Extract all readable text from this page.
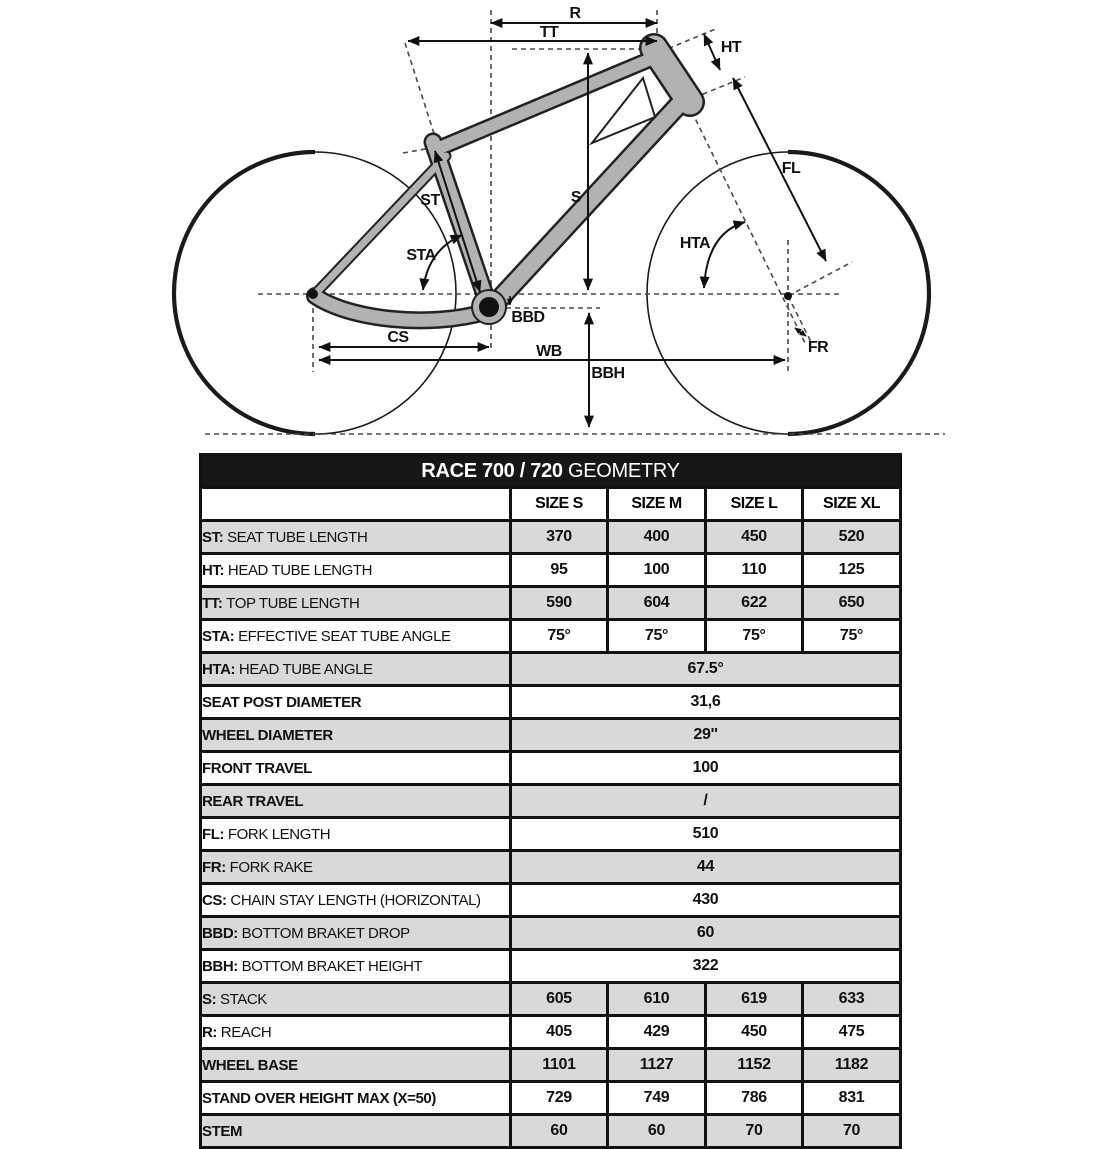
R
TT
HT
ST
STA
S
FL
HTA
BBD
CS
WB
BBH
FR
RACE 700 / 720 GEOMETRY				
	SIZE S	SIZE M	SIZE L	SIZE XL
ST: SEAT TUBE LENGTH	370	400	450	520
HT: HEAD TUBE LENGTH	95	100	110	125
TT: TOP TUBE LENGTH	590	604	622	650
STA: EFFECTIVE SEAT TUBE ANGLE	75°	75°	75°	75°
HTA: HEAD TUBE ANGLE	67.5°			
SEAT POST DIAMETER	31,6			
WHEEL DIAMETER	29''			
FRONT TRAVEL	100			
REAR TRAVEL	/			
FL: FORK LENGTH	510			
FR: FORK RAKE	44			
CS: CHAIN STAY LENGTH (HORIZONTAL)	430			
BBD: BOTTOM BRAKET DROP	60			
BBH: BOTTOM BRAKET HEIGHT	322			
S: STACK	605	610	619	633
R: REACH	405	429	450	475
WHEEL BASE	1101	1127	1152	1182
STAND OVER HEIGHT MAX (X=50)	729	749	786	831
STEM	60	60	70	70
